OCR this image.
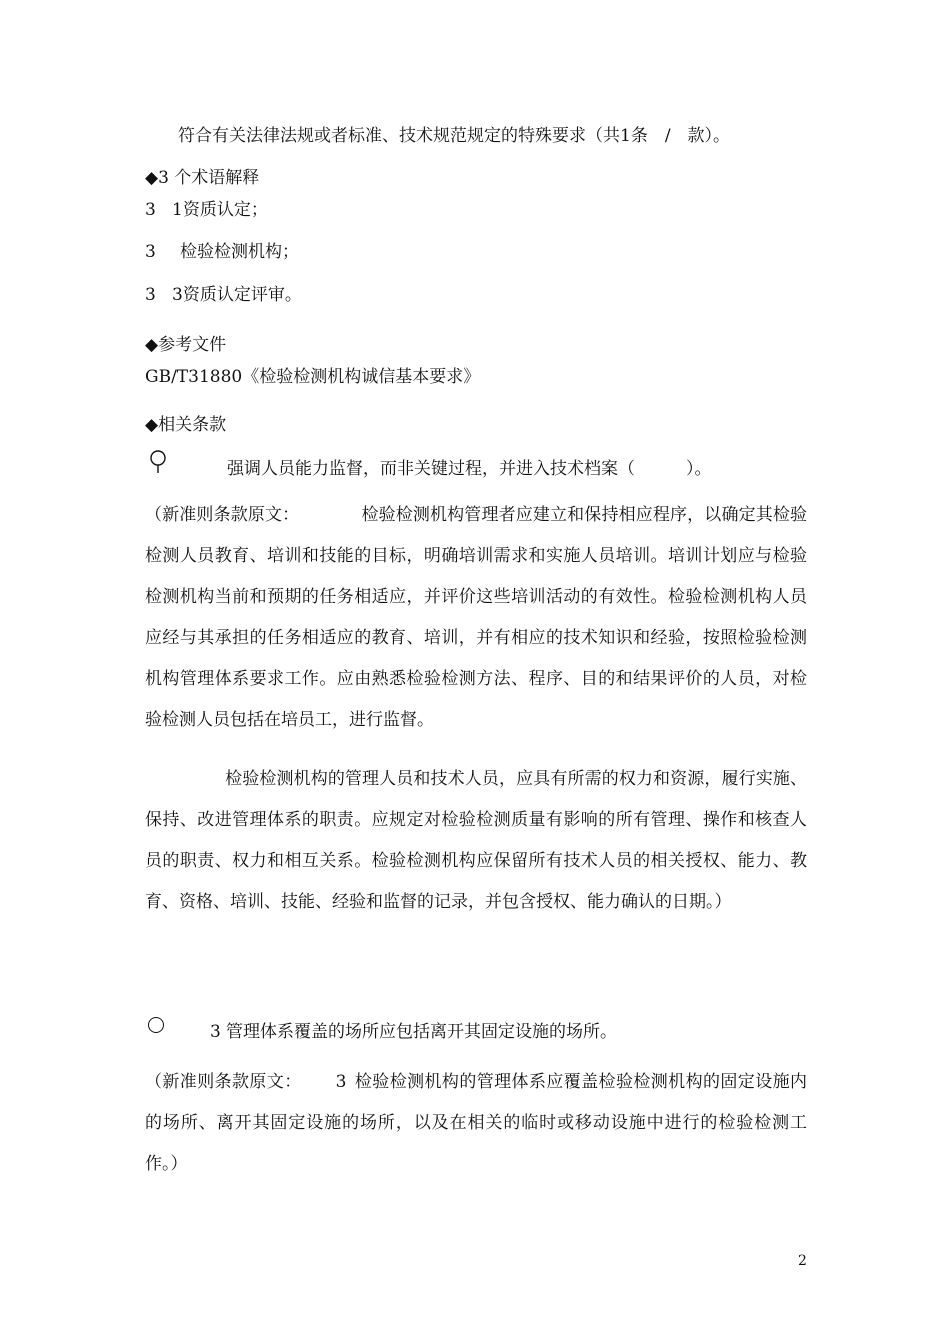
符合有关法律法规或者标准、技术规范规定的特殊要求（共1条　/　款）。
◆3 个术语解释
3 1资质认定；
3 检验检测机构；
3 3资质认定评审。
◆参考文件
GB/T31880《检验检测机构诚信基本要求》
◆相关条款
强调人员能力监督，而非关键过程，并进入技术档案（　　　）。
（新准则条款原文：	检验检测机构管理者应建立和保持相应程序，以确定其检验检测人员教育、培训和技能的目标，明确培训需求和实施人员培训。培训计划应与检验检测机构当前和预期的任务相适应，并评价这些培训活动的有效性。检验检测机构人员应经与其承担的任务相适应的教育、培训，并有相应的技术知识和经验，按照检验检测机构管理体系要求工作。应由熟悉检验检测方法、程序、目的和结果评价的人员，对检验检测人员包括在培员工，进行监督。
检验检测机构的管理人员和技术人员，应具有所需的权力和资源，履行实施、保持、改进管理体系的职责。应规定对检验检测质量有影响的所有管理、操作和核查人员的职责、权力和相互关系。检验检测机构应保留所有技术人员的相关授权、能力、教育、资格、培训、技能、经验和监督的记录，并包含授权、能力确认的日期。）
3 管理体系覆盖的场所应包括离开其固定设施的场所。
（新准则条款原文： 3 检验检测机构的管理体系应覆盖检验检测机构的固定设施内的场所、离开其固定设施的场所，以及在相关的临时或移动设施中进行的检验检测工作。）
2
